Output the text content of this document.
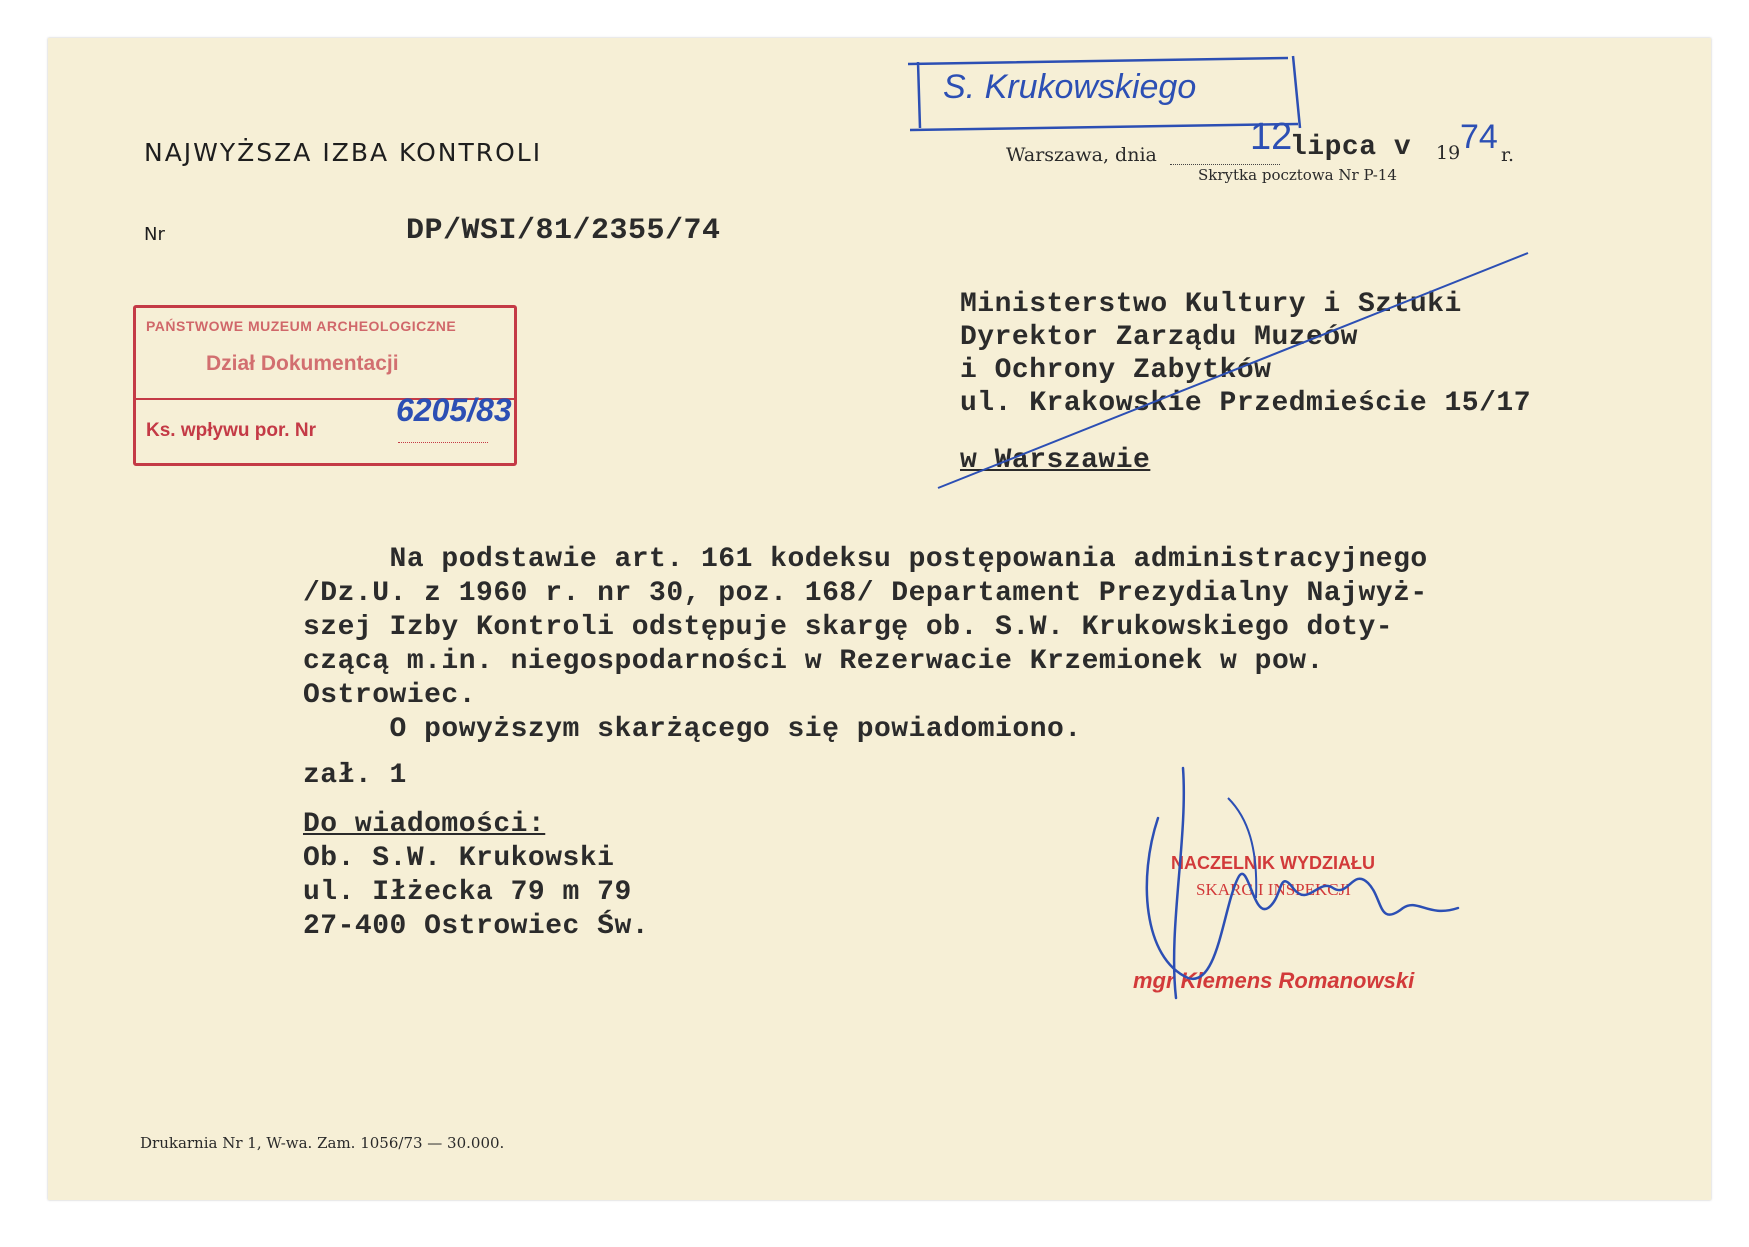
S. Krukowskiego
NAJWYŻSZA IZBA KONTROLI	Warszawa, dnia 12
lipca v 19 74 r.
Skrytka pocztowa Nr P-14
Nr	DP/WSI/81/2355/74
PAŃSTWOWE MUZEUM ARCHEOLOGICZNE
Dział Dokumentacji
Ks. wpływu por. Nr
6205/83
Ministerstwo Kultury i Sztuki
Dyrektor Zarządu Muzeów
i Ochrony Zabytków
ul. Krakowskie Przedmieście 15/17
w Warszawie
Na podstawie art. 161 kodeksu postępowania administracyjnego
/Dz.U. z 1960 r. nr 30, poz. 168/ Departament Prezydialny Najwyż-
szej Izby Kontroli odstępuje skargę ob. S.W. Krukowskiego doty-
czącą m.in. niegospodarności w Rezerwacie Krzemionek w pow.
Ostrowiec.
O powyższym skarżącego się powiadomiono.
zał. 1
Do wiadomości:
Ob. S.W. Krukowski
ul. Iłżecka 79 m 79
27-400 Ostrowiec Św.
NACZELNIK WYDZIAŁU
SKARG I INSPEKCJI
mgr Klemens Romanowski
Drukarnia Nr 1, W-wa. Zam. 1056/73 — 30.000.
